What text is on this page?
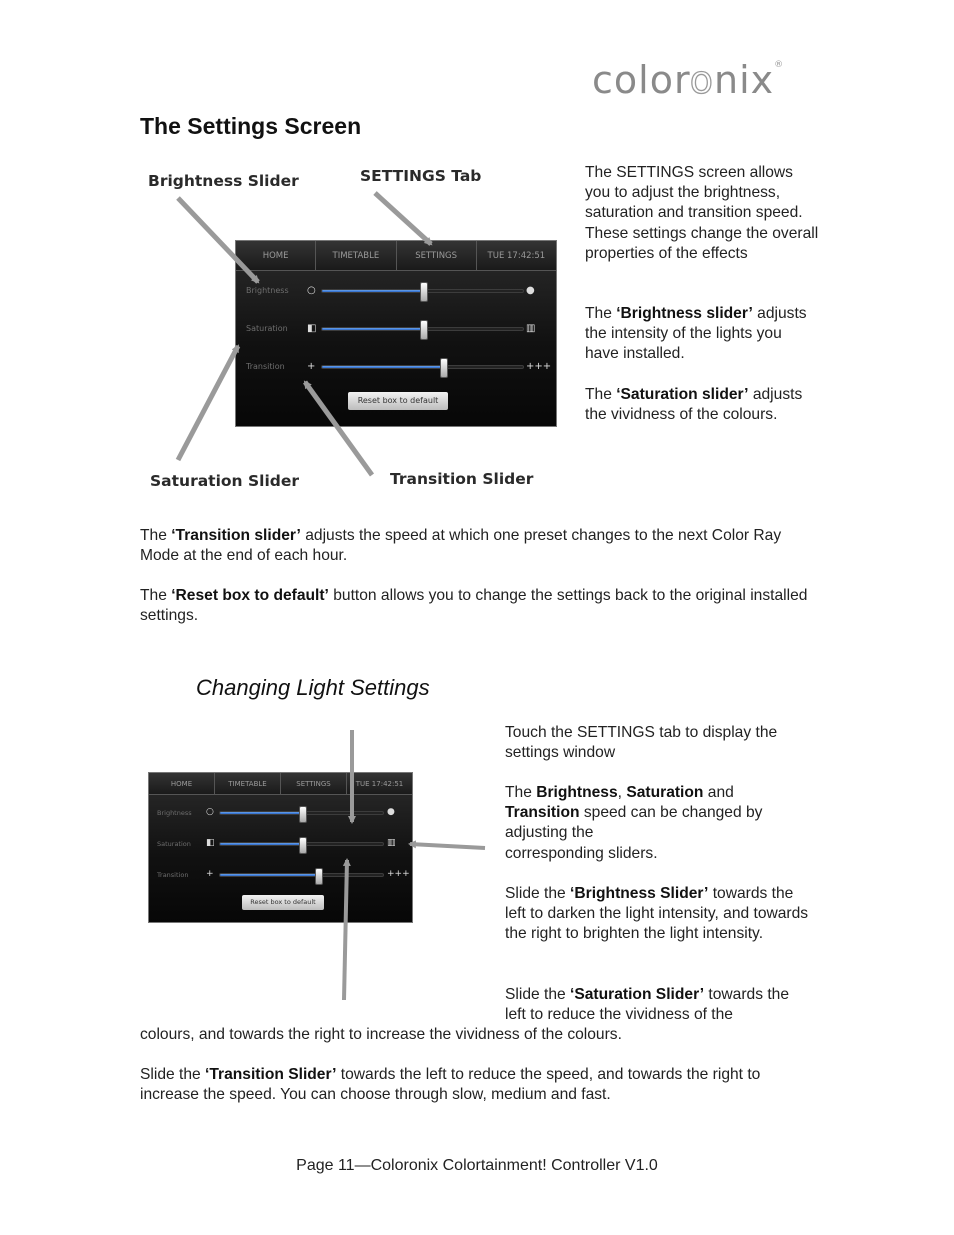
coloronix®
The Settings Screen
Brightness Slider	SETTINGS Tab
Saturation Slider	Transition Slider
HOME	TIMETABLE	SETTINGS	TUE 17:42:51
Brightness ○	●
Saturation ◧	▥
Transition +	+++
Reset box to default
The SETTINGS screen allows you to adjust the brightness, saturation and transition speed. These settings change the overall properties of the effects
The ‘Brightness slider’ adjusts the intensity of the lights you have installed.
The ‘Saturation slider’ adjusts the vividness of the colours.
The ‘Transition slider’ adjusts the speed at which one preset changes to the next Color Ray Mode at the end of each hour.
The ‘Reset box to default’ button allows you to change the settings back to the original installed settings.
Changing Light Settings
HOME	TIMETABLE	SETTINGS	TUE 17:42:51
Brightness ○	●
Saturation ◧	▥
Transition +	+++
Reset box to default
Touch the SETTINGS tab to display the settings window
The Brightness, Saturation and Transition speed can be changed by adjusting the
corresponding sliders.
Slide the ‘Brightness Slider’ towards the left to darken the light intensity, and towards the right to brighten the light intensity.
Slide the ‘Saturation Slider’ towards the left to reduce the vividness of the
colours, and towards the right to increase the vividness of the colours.
Slide the ‘Transition Slider’ towards the left to reduce the speed, and towards the right to increase the speed. You can choose through slow, medium and fast.
Page 11—Coloronix Colortainment! Controller V1.0
